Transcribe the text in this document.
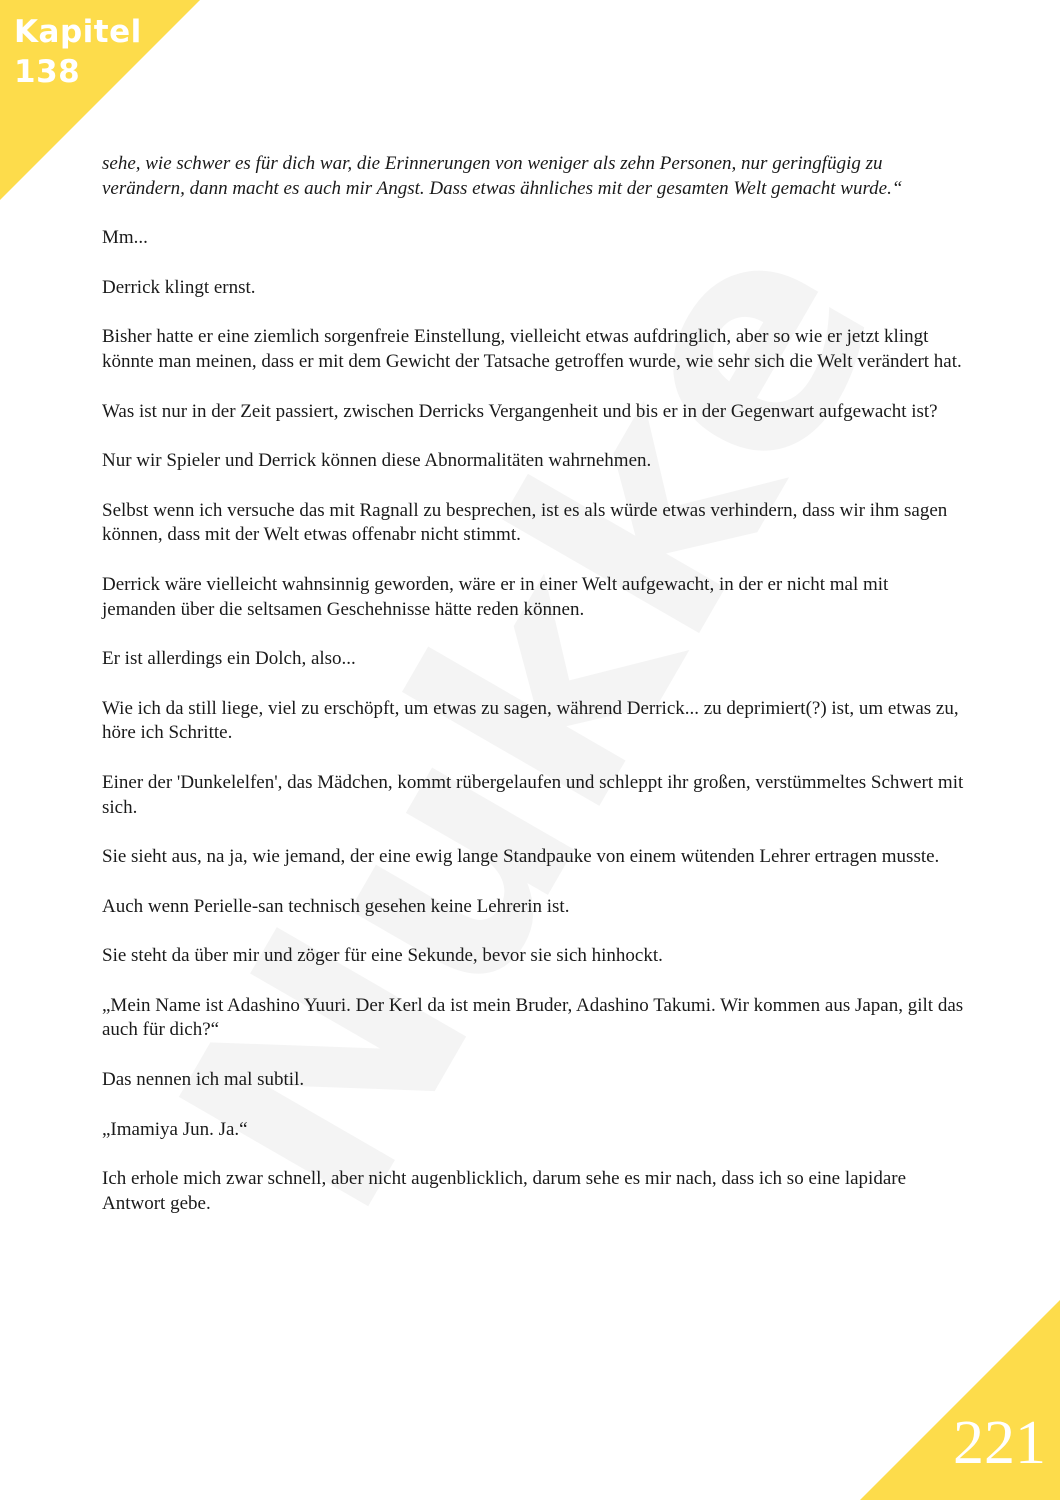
Kapitel
138

sehe, wie schwer es für dich war, die Erinnerungen von weniger als zehn Personen, nur geringfügig zu verändern, dann macht es auch mir Angst. Dass etwas ähnliches mit der gesamten Welt gemacht wurde.“

Mm...

Derrick klingt ernst.

Bisher hatte er eine ziemlich sorgenfreie Einstellung, vielleicht etwas aufdringlich, aber so wie er jetzt klingt könnte man meinen, dass er mit dem Gewicht der Tatsache getroffen wurde, wie sehr sich die Welt verändert hat.

Was ist nur in der Zeit passiert, zwischen Derricks Vergangenheit und bis er in der Gegenwart aufgewacht ist?

Nur wir Spieler und Derrick können diese Abnormalitäten wahrnehmen.

Selbst wenn ich versuche das mit Ragnall zu besprechen, ist es als würde etwas verhindern, dass wir ihm sagen können, dass mit der Welt etwas offenabr nicht stimmt.

Derrick wäre vielleicht wahnsinnig geworden, wäre er in einer Welt aufgewacht, in der er nicht mal mit jemanden über die seltsamen Geschehnisse hätte reden können.

Er ist allerdings ein Dolch, also...

Wie ich da still liege, viel zu erschöpft, um etwas zu sagen, während Derrick... zu deprimiert(?) ist, um etwas zu, höre ich Schritte.

Einer der 'Dunkelelfen', das Mädchen, kommt rübergelaufen und schleppt ihr großen, verstümmeltes Schwert mit sich.

Sie sieht aus, na ja, wie jemand, der eine ewig lange Standpauke von einem wütenden Lehrer ertragen musste.

Auch wenn Perielle-san technisch gesehen keine Lehrerin ist.

Sie steht da über mir und zöger für eine Sekunde, bevor sie sich hinhockt.

„Mein Name ist Adashino Yuuri. Der Kerl da ist mein Bruder, Adashino Takumi. Wir kommen aus Japan, gilt das auch für dich?“

Das nennen ich mal subtil.

„Imamiya Jun. Ja.“

Ich erhole mich zwar schnell, aber nicht augenblicklich, darum sehe es mir nach, dass ich so eine lapidare Antwort gebe.

221
